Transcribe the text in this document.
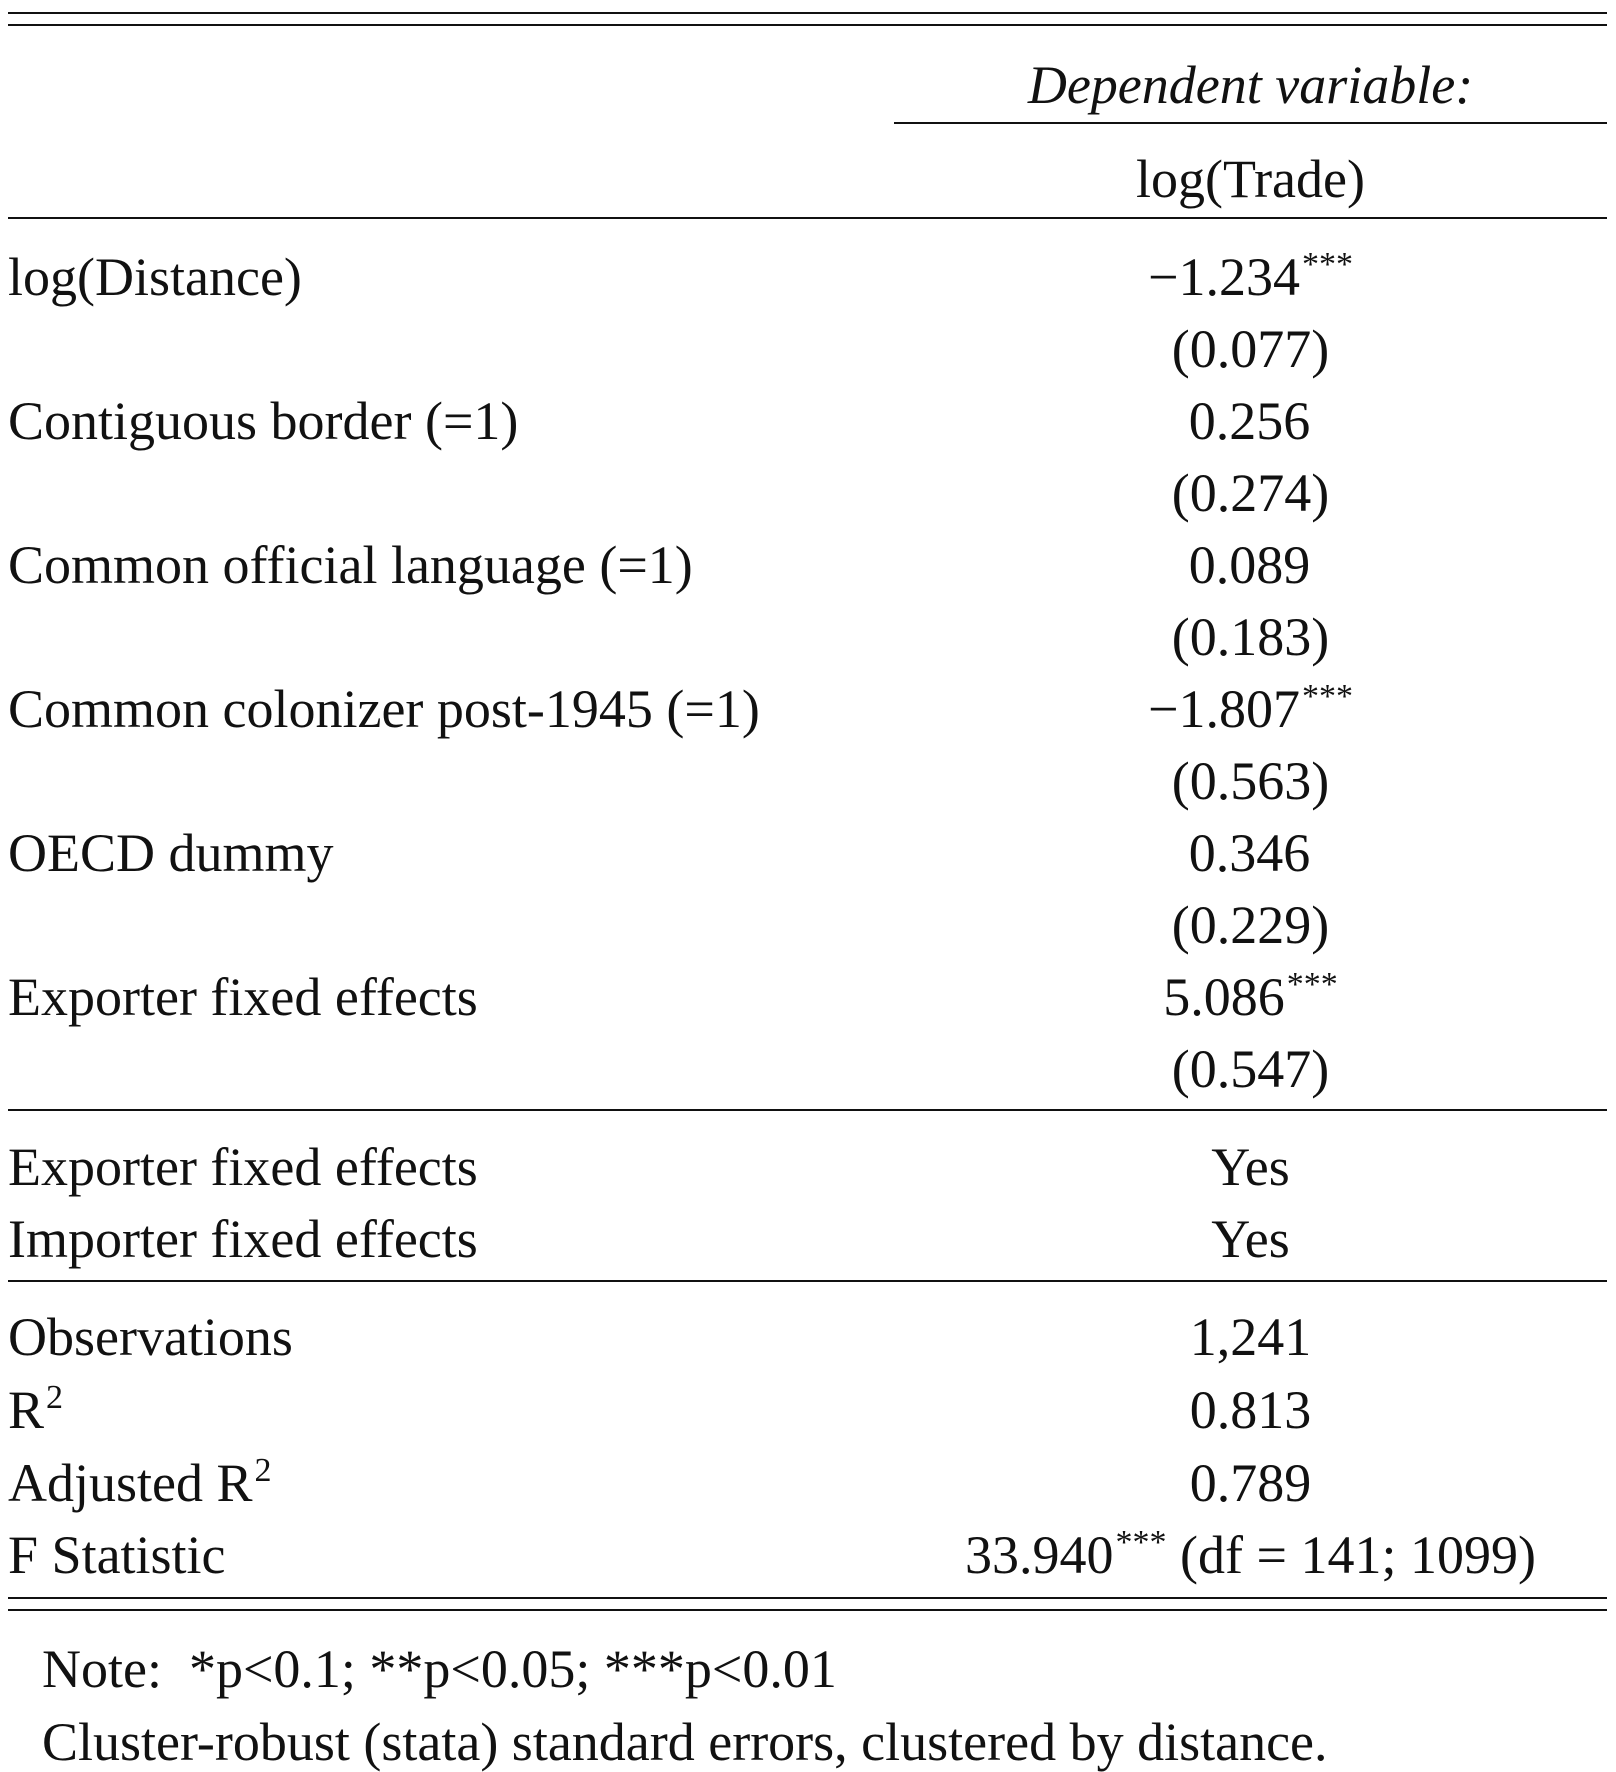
Dependent variable:
log(Trade)
log(Distance)	−1.234***
(0.077)
Contiguous border (=1)	0.256
(0.274)
Common official language (=1)	0.089
(0.183)
Common colonizer post-1945 (=1)	−1.807***
(0.563)
OECD dummy	0.346
(0.229)
Exporter fixed effects	5.086***
(0.547)
Exporter fixed effects	Yes
Importer fixed effects	Yes
Observations	1,241
$R^2$	0.813
Adjusted $R^2$	0.789
F Statistic	33.940*** (df = 141; 1099)
Note:  *p<0.1; **p<0.05; ***p<0.01
Cluster-robust (stata) standard errors, clustered by distance.
